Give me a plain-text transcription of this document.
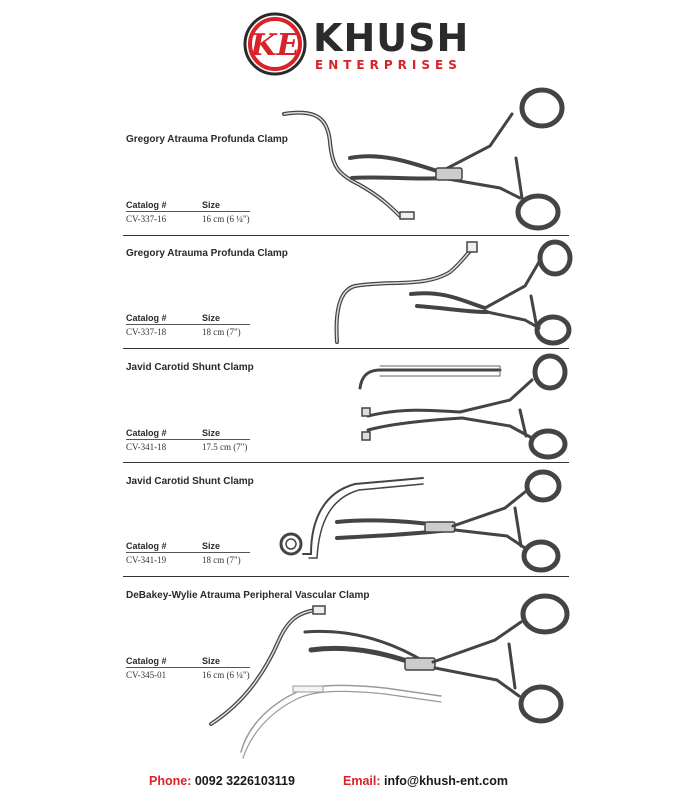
KE KHUSH
ENTERPRISES
Gregory Atrauma Profunda Clamp
Catalog #	Size
CV-337-16	16 cm (6 ¼")
Gregory Atrauma Profunda Clamp
Catalog #	Size
CV-337-18	18 cm (7")
Javid Carotid Shunt Clamp
Catalog #	Size
CV-341-18	17.5 cm (7")
Javid Carotid Shunt Clamp
Catalog #	Size
CV-341-19	18 cm (7")
DeBakey-Wylie Atrauma Peripheral Vascular Clamp
Catalog #	Size
CV-345-01	16 cm (6 ¼")
Phone: 0092 3226103119	Email: info@khush-ent.com
